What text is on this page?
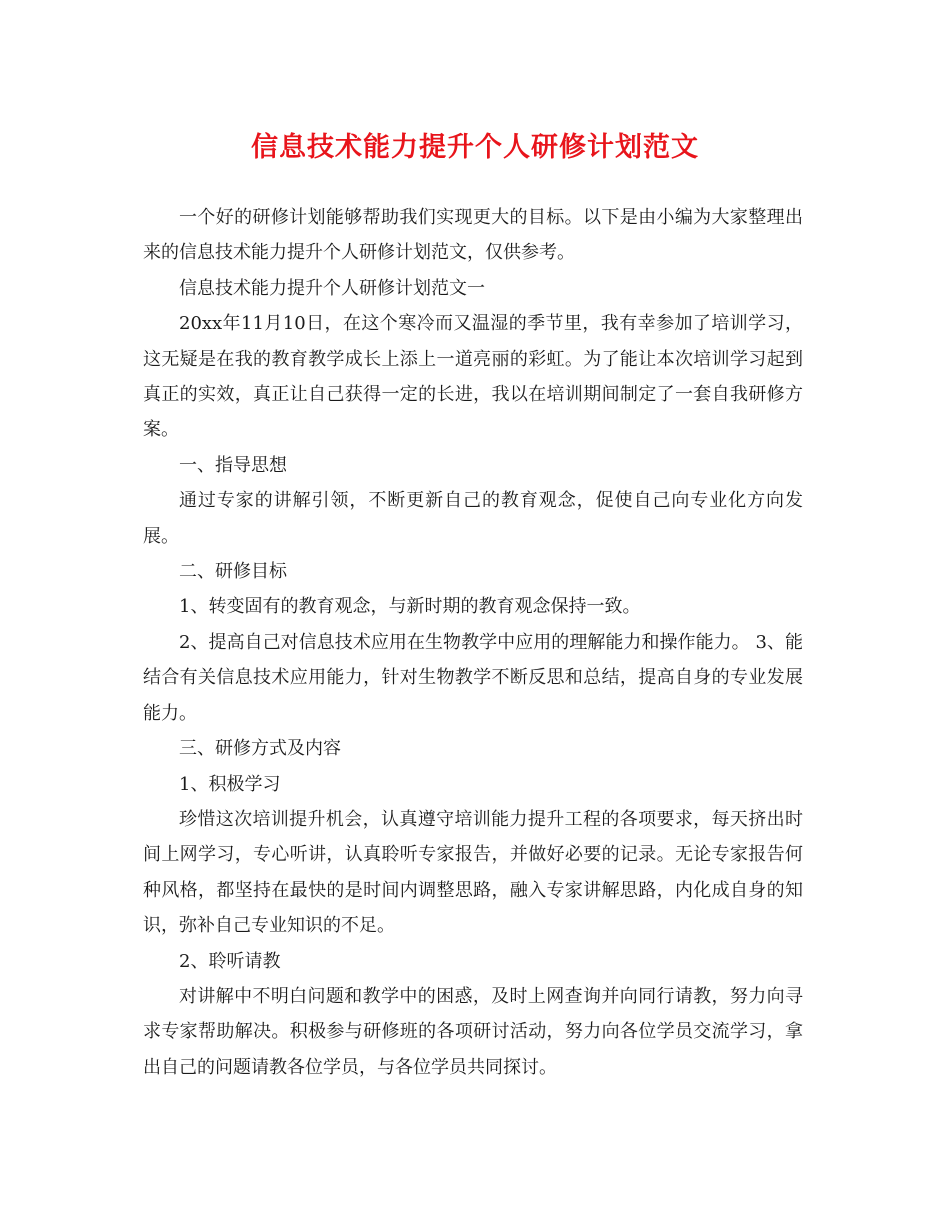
信息技术能力提升个人研修计划范文

一个好的研修计划能够帮助我们实现更大的目标。以下是由小编为大家整理出来的信息技术能力提升个人研修计划范文，仅供参考。

信息技术能力提升个人研修计划范文一

20xx年11月10日，在这个寒冷而又温湿的季节里，我有幸参加了培训学习，这无疑是在我的教育教学成长上添上一道亮丽的彩虹。为了能让本次培训学习起到真正的实效，真正让自己获得一定的长进，我以在培训期间制定了一套自我研修方案。

一、指导思想

通过专家的讲解引领，不断更新自己的教育观念，促使自己向专业化方向发展。

二、研修目标

1、转变固有的教育观念，与新时期的教育观念保持一致。

2、提高自己对信息技术应用在生物教学中应用的理解能力和操作能力。 3、能结合有关信息技术应用能力，针对生物教学不断反思和总结，提高自身的专业发展能力。

三、研修方式及内容

1、积极学习

珍惜这次培训提升机会，认真遵守培训能力提升工程的各项要求，每天挤出时间上网学习，专心听讲，认真聆听专家报告，并做好必要的记录。无论专家报告何种风格，都坚持在最快的是时间内调整思路，融入专家讲解思路，内化成自身的知识，弥补自己专业知识的不足。

2、聆听请教

对讲解中不明白问题和教学中的困惑，及时上网查询并向同行请教，努力向寻求专家帮助解决。积极参与研修班的各项研讨活动，努力向各位学员交流学习，拿出自己的问题请教各位学员，与各位学员共同探讨。
